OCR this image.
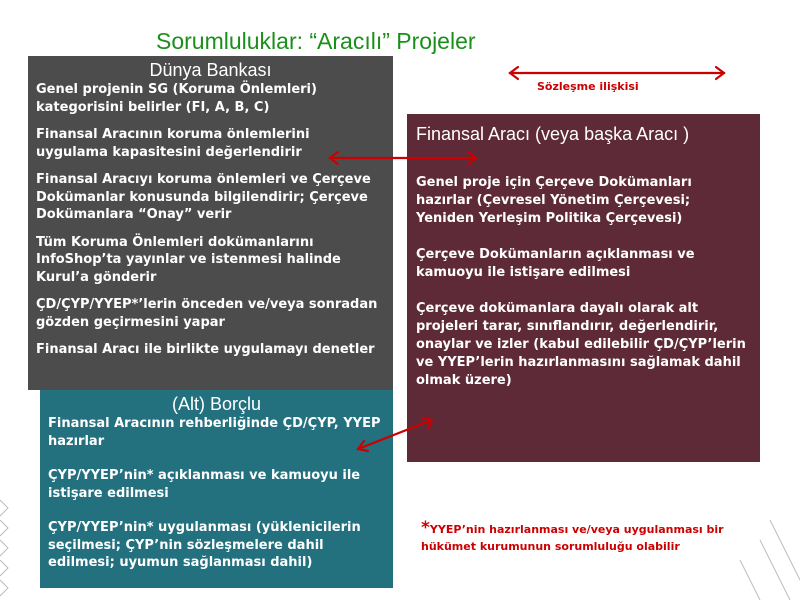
Sorumluluklar: “Aracılı” Projeler
Sözleşme ilişkisi
Dünya Bankası

Genel projenin SG (Koruma Önlemleri) kategorisini belirler (FI, A, B, C)

Finansal Aracının koruma önlemlerini uygulama kapasitesini değerlendirir

Finansal Aracıyı koruma önlemleri ve Çerçeve Dokümanlar konusunda bilgilendirir; Çerçeve Dokümanlara “Onay” verir

Tüm Koruma Önlemleri dokümanlarını InfoShop’ta yayınlar ve istenmesi halinde Kurul’a gönderir

ÇD/ÇYP/YYEP*’lerin önceden ve/veya sonradan gözden geçirmesini yapar

Finansal Aracı ile birlikte uygulamayı denetler

Finansal Aracı (veya başka Aracı )

Genel proje için Çerçeve Dokümanları hazırlar (Çevresel Yönetim Çerçevesi; Yeniden Yerleşim Politika Çerçevesi)

Çerçeve Dokümanların açıklanması ve kamuoyu ile istişare edilmesi

Çerçeve dokümanlara dayalı olarak alt projeleri tarar, sınıflandırır, değerlendirir, onaylar ve izler (kabul edilebilir ÇD/ÇYP’lerin ve YYEP’lerin hazırlanmasını sağlamak dahil olmak üzere)

(Alt) Borçlu

Finansal Aracının rehberliğinde ÇD/ÇYP, YYEP hazırlar

ÇYP/YYEP’nin* açıklanması ve kamuoyu ile istişare edilmesi

ÇYP/YYEP’nin* uygulanması (yüklenicilerin seçilmesi; ÇYP’nin sözleşmelere dahil edilmesi; uyumun sağlanması dahil)

*YYEP’nin hazırlanması ve/veya uygulanması bir hükümet kurumunun sorumluluğu olabilir
